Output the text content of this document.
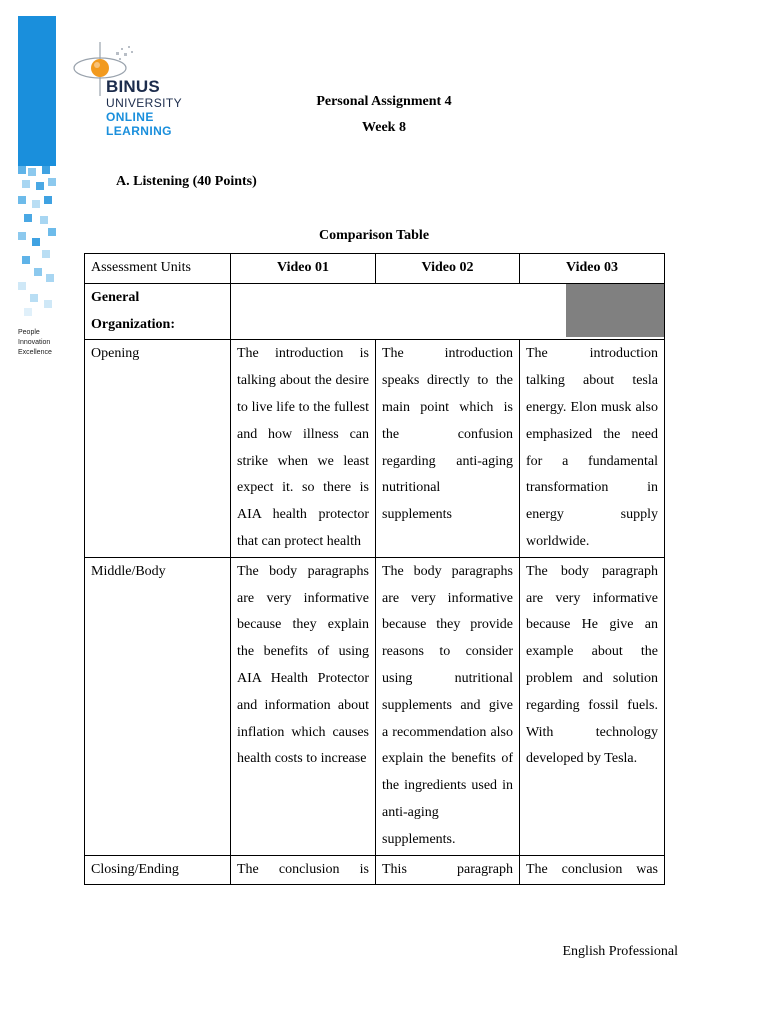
People
Innovation
Excellence
BINUS
UNIVERSITY
ONLINE
LEARNING
Personal Assignment 4
Week 8
A. Listening (40 Points)
Comparison Table
Assessment Units	Video 01	Video 02	Video 03
General Organization:			

Opening	The introduction is talking about the desire to live life to the fullest and how illness can strike when we least expect it. so there is AIA health protector that can protect health	The introduction speaks directly to the main point which is the confusion regarding anti-aging nutritional supplements	The introduction talking about tesla energy. Elon musk also emphasized the need for a fundamental transformation in energy supply worldwide.
Middle/Body	The body paragraphs are very informative because they explain the benefits of using AIA Health Protector and information about inflation which causes health costs to increase	The body paragraphs are very informative because they provide reasons to consider using nutritional supplements and give a recommendation also explain the benefits of the ingredients used in anti-aging supplements.	The body paragraph are very informative because He give an example about the problem and solution regarding fossil fuels. With technology developed by Tesla.
Closing/Ending	The conclusion is	This paragraph	The conclusion was
English Professional
